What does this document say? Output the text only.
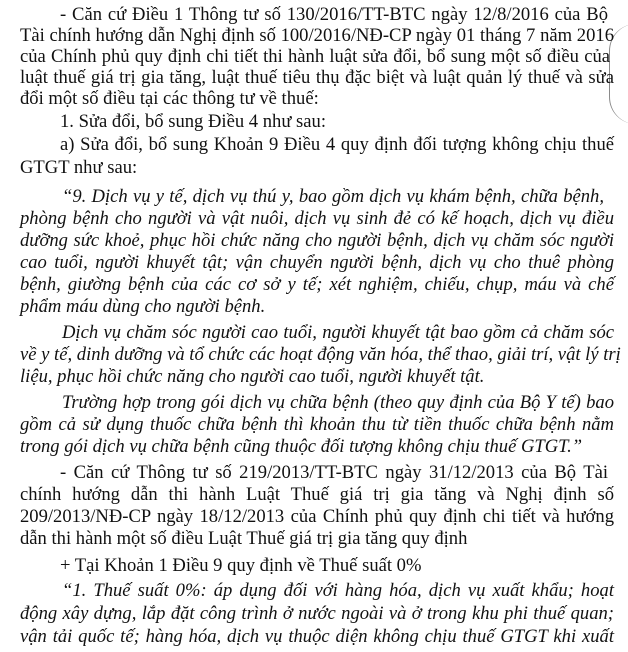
- Căn cứ Điều 1 Thông tư số 130/2016/TT-BTC ngày 12/8/2016 của Bộ

Tài chính hướng dẫn Nghị định số 100/2016/NĐ-CP ngày 01 tháng 7 năm 2016

của Chính phủ quy định chi tiết thi hành luật sửa đổi, bổ sung một số điều của

luật thuế giá trị gia tăng, luật thuế tiêu thụ đặc biệt và luật quản lý thuế và sửa

đổi một số điều tại các thông tư về thuế:

1. Sửa đổi, bổ sung Điều 4 như sau:

a) Sửa đổi, bổ sung Khoản 9 Điều 4 quy định đối tượng không chịu thuế

GTGT như sau:

“9. Dịch vụ y tế, dịch vụ thú y, bao gồm dịch vụ khám bệnh, chữa bệnh,

phòng bệnh cho người và vật nuôi, dịch vụ sinh đẻ có kế hoạch, dịch vụ điều

dưỡng sức khoẻ, phục hồi chức năng cho người bệnh, dịch vụ chăm sóc người

cao tuổi, người khuyết tật; vận chuyển người bệnh, dịch vụ cho thuê phòng

bệnh, giường bệnh của các cơ sở y tế; xét nghiệm, chiếu, chụp, máu và chế

phẩm máu dùng cho người bệnh.

Dịch vụ chăm sóc người cao tuổi, người khuyết tật bao gồm cả chăm sóc

về y tế, dinh dưỡng và tổ chức các hoạt động văn hóa, thể thao, giải trí, vật lý trị

liệu, phục hồi chức năng cho người cao tuổi, người khuyết tật.

Trường hợp trong gói dịch vụ chữa bệnh (theo quy định của Bộ Y tế) bao

gồm cả sử dụng thuốc chữa bệnh thì khoản thu từ tiền thuốc chữa bệnh nằm

trong gói dịch vụ chữa bệnh cũng thuộc đối tượng không chịu thuế GTGT.”

- Căn cứ Thông tư số 219/2013/TT-BTC ngày 31/12/2013 của Bộ Tài

chính hướng dẫn thi hành Luật Thuế giá trị gia tăng và Nghị định số

209/2013/NĐ-CP ngày 18/12/2013 của Chính phủ quy định chi tiết và hướng

dẫn thi hành một số điều Luật Thuế giá trị gia tăng quy định

+ Tại Khoản 1 Điều 9 quy định về Thuế suất 0%

“1. Thuế suất 0%: áp dụng đối với hàng hóa, dịch vụ xuất khẩu; hoạt

động xây dựng, lắp đặt công trình ở nước ngoài và ở trong khu phi thuế quan;

vận tải quốc tế; hàng hóa, dịch vụ thuộc diện không chịu thuế GTGT khi xuất
